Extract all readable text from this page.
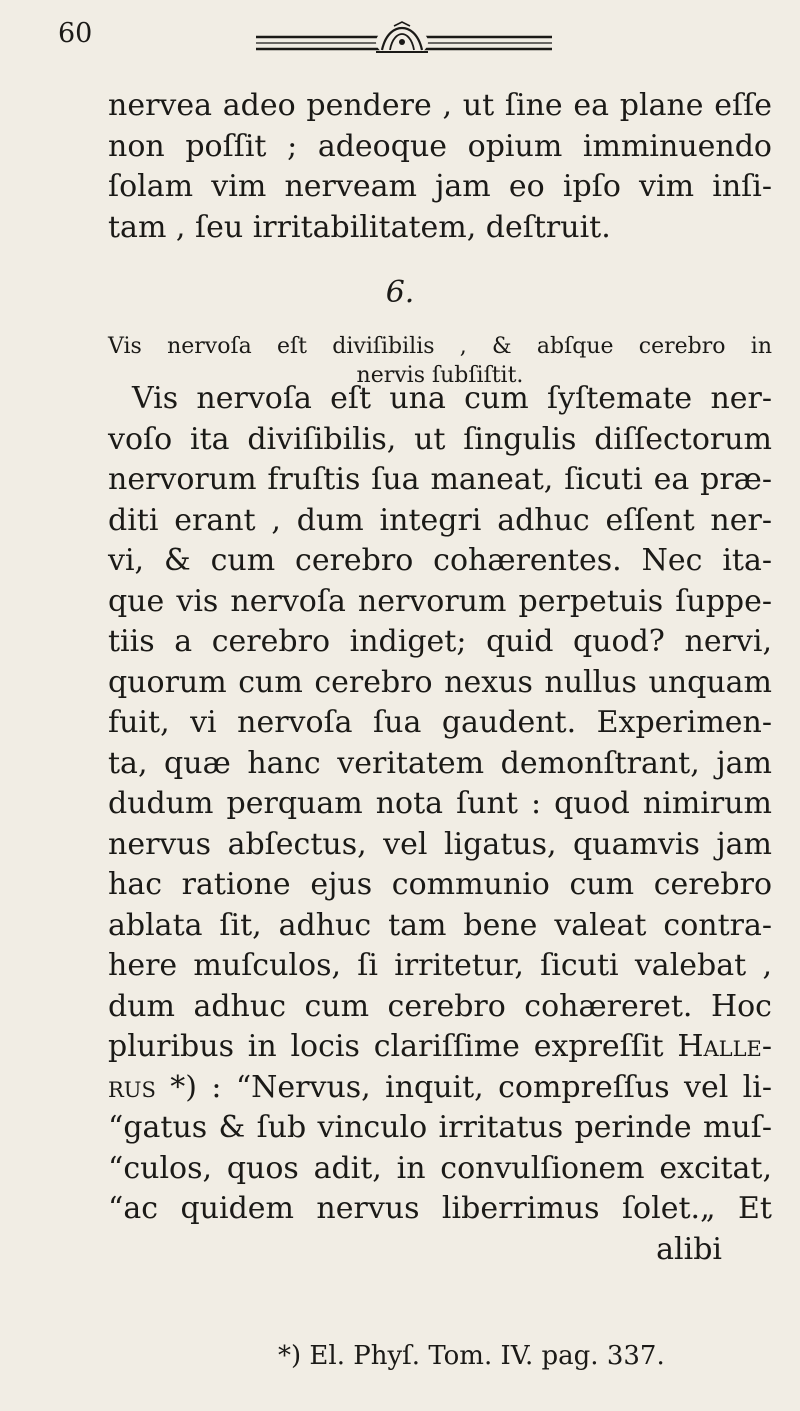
60
nervea adeo pendere , ut ſine ea plane eſſe
non poſſit ; adeoque opium imminuendo
ſolam vim nerveam jam eo ipſo vim inſi-
tam , ſeu irritabilitatem, deſtruit.
6.
Vis nervoſa eſt diviſibilis , & abſque cerebro in
nervis ſubſiſtit.
Vis nervoſa eſt una cum ſyſtemate ner-
voſo ita diviſibilis, ut ſingulis diſſectorum
nervorum fruſtis ſua maneat, ſicuti ea præ-
diti erant , dum integri adhuc eſſent ner-
vi, & cum cerebro cohærentes. Nec ita-
que vis nervoſa nervorum perpetuis ſuppe-
tiis a cerebro indiget; quid quod? nervi,
quorum cum cerebro nexus nullus unquam
fuit, vi nervoſa ſua gaudent. Experimen-
ta, quæ hanc veritatem demonſtrant, jam
dudum perquam nota ſunt : quod nimirum
nervus abſectus, vel ligatus, quamvis jam
hac ratione ejus communio cum cerebro
ablata ſit, adhuc tam bene valeat contra-
here muſculos, ſi irritetur, ſicuti valebat ,
dum adhuc cum cerebro cohæreret. Hoc
pluribus in locis clariſſime expreſſit Halle-
rus *) : “Nervus, inquit, compreſſus vel li-
“gatus & ſub vinculo irritatus perinde muſ-
“culos, quos adit, in convulſionem excitat,
“ac quidem nervus liberrimus ſolet.„ Et
alibi
*) El. Phyſ. Tom. IV. pag. 337.
